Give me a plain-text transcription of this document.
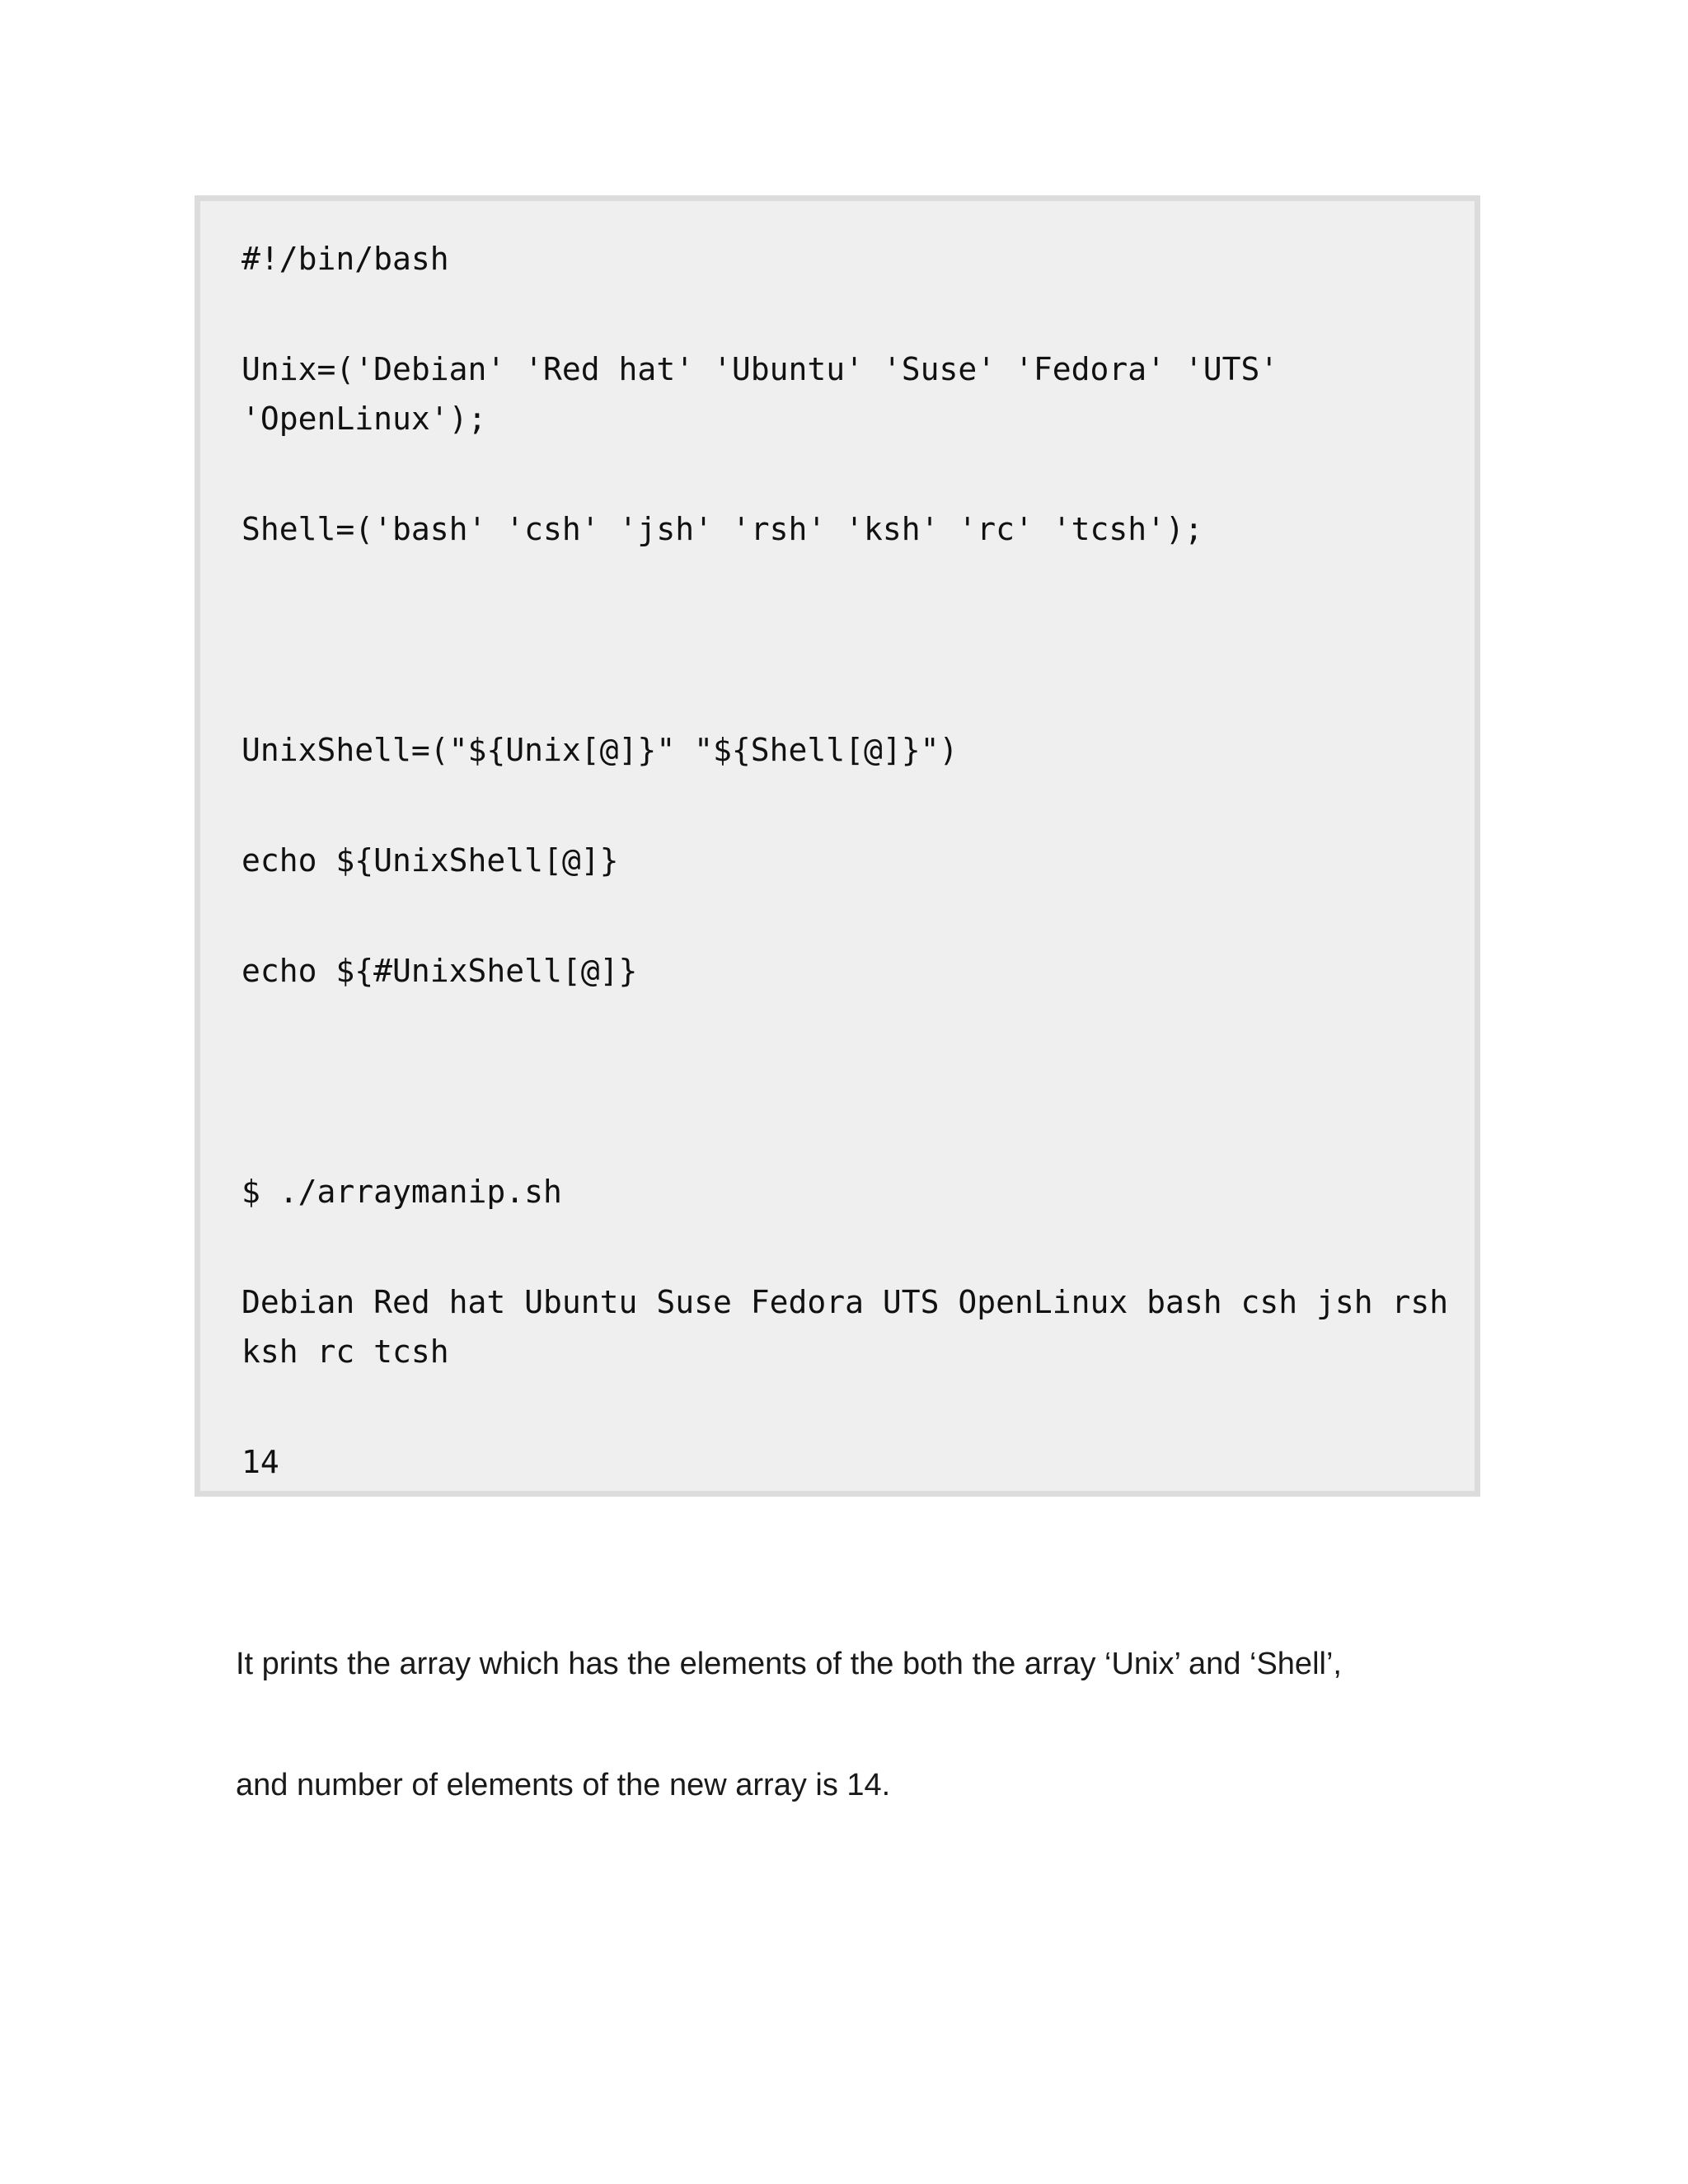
#!/bin/bash

Unix=('Debian' 'Red hat' 'Ubuntu' 'Suse' 'Fedora' 'UTS'

'OpenLinux');

Shell=('bash' 'csh' 'jsh' 'rsh' 'ksh' 'rc' 'tcsh');

UnixShell=("${Unix[@]}" "${Shell[@]}")

echo ${UnixShell[@]}

echo ${#UnixShell[@]}

$ ./arraymanip.sh

Debian Red hat Ubuntu Suse Fedora UTS OpenLinux bash csh jsh rsh

ksh rc tcsh

14

It prints the array which has the elements of the both the array ‘Unix’ and ‘Shell’,

and number of elements of the new array is 14.
